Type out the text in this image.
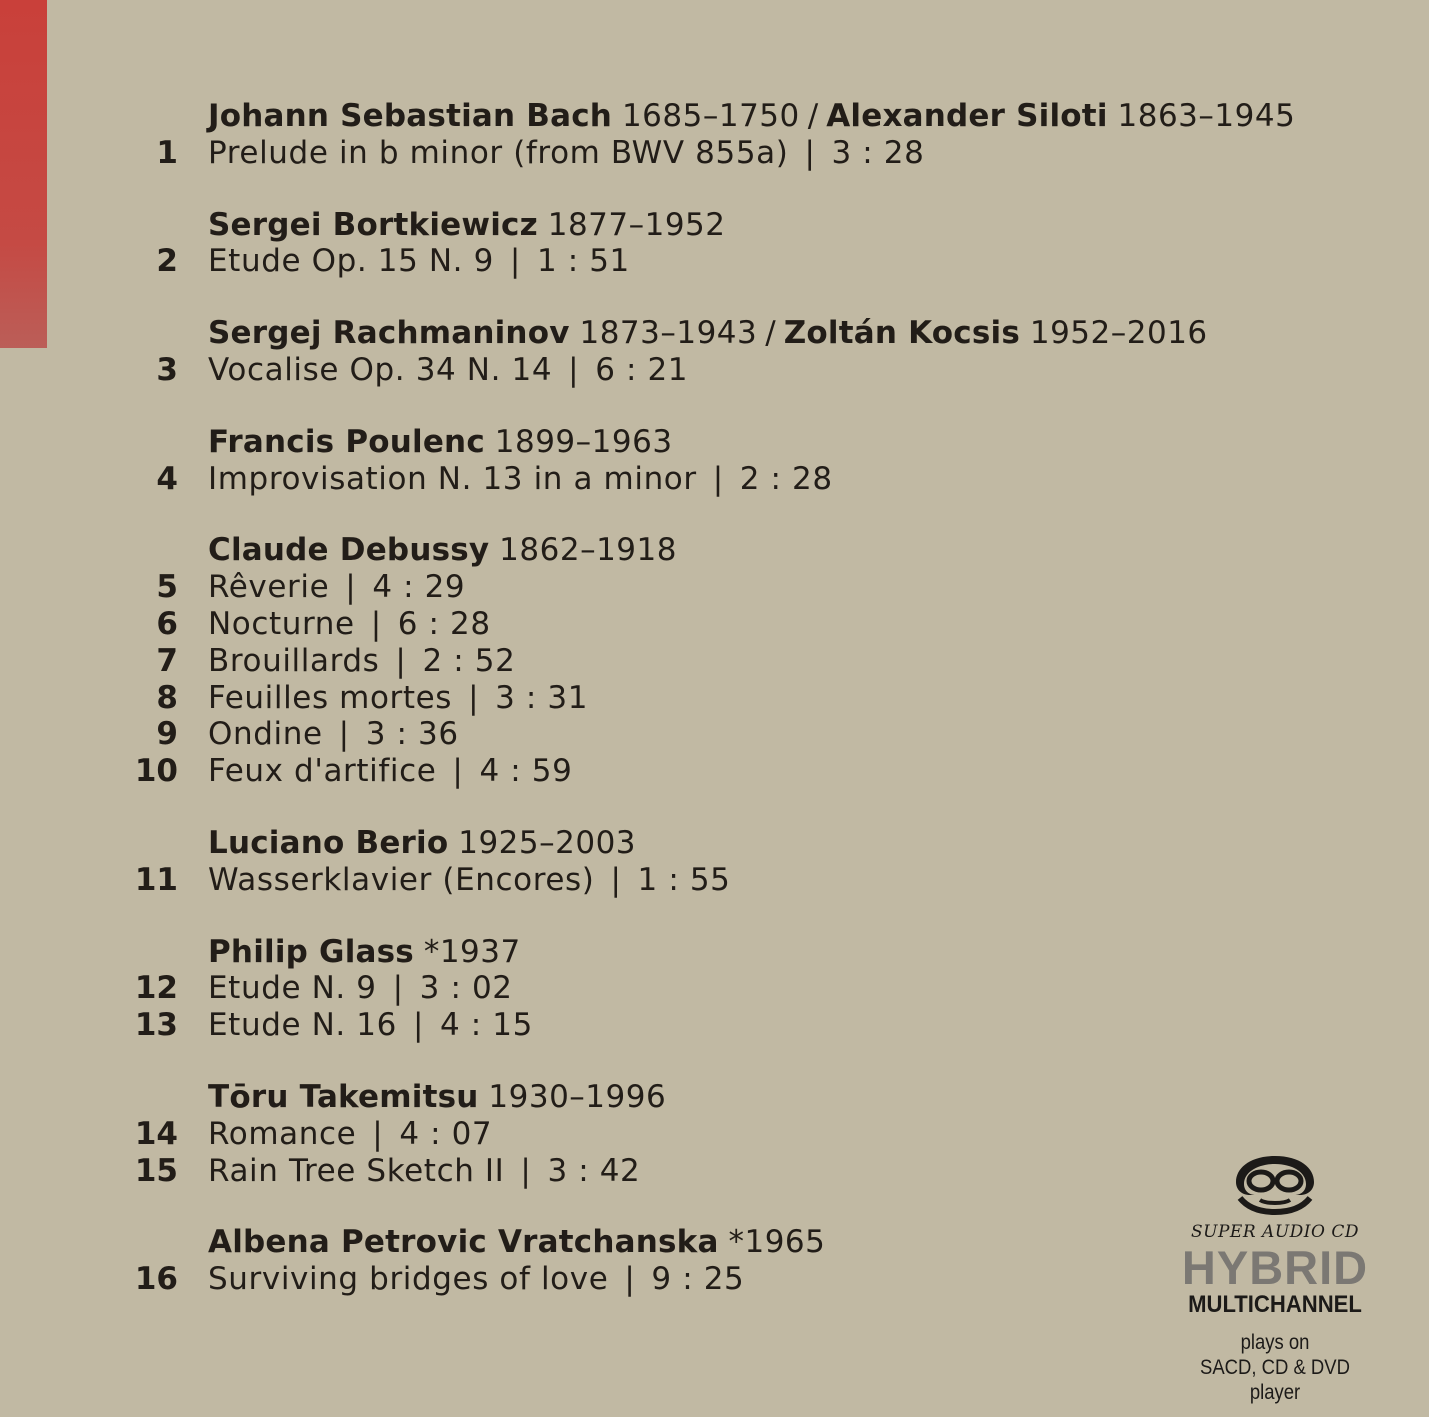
Johann Sebastian Bach 1685–1750 / Alexander Siloti 1863–1945
1 Prelude in b minor (from BWV 855a) | 3 : 28
Sergei Bortkiewicz 1877–1952
2 Etude Op. 15 N. 9 | 1 : 51
Sergej Rachmaninov 1873–1943 / Zoltán Kocsis 1952–2016
3 Vocalise Op. 34 N. 14 | 6 : 21
Francis Poulenc 1899–1963
4 Improvisation N. 13 in a minor | 2 : 28
Claude Debussy 1862–1918
5 Rêverie | 4 : 29
6 Nocturne | 6 : 28
7 Brouillards | 2 : 52
8 Feuilles mortes | 3 : 31
9 Ondine | 3 : 36
10 Feux d'artifice | 4 : 59
Luciano Berio 1925–2003
11 Wasserklavier (Encores) | 1 : 55
Philip Glass *1937
12 Etude N. 9 | 3 : 02
13 Etude N. 16 | 4 : 15
Tōru Takemitsu 1930–1996
14 Romance | 4 : 07
15 Rain Tree Sketch II | 3 : 42
Albena Petrovic Vratchanska *1965
16 Surviving bridges of love | 9 : 25
SUPER AUDIO CD
HYBRID
MULTICHANNEL
plays on
SACD, CD & DVD player
